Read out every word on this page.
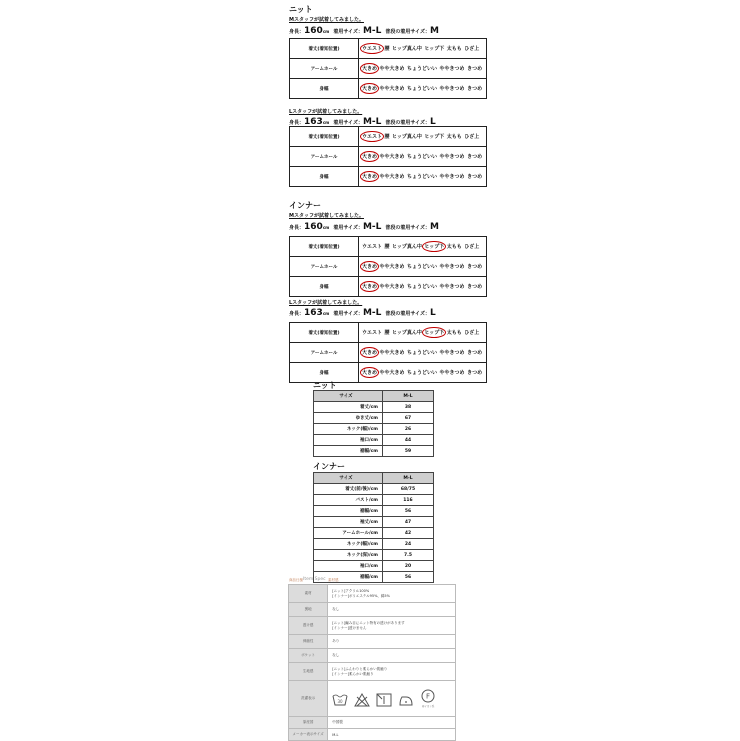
ニット
Mスタッフが試着してみました。
身長：160cm 着用サイズ：M-L 普段の着用サイズ：M
着丈(着知位置)	ウエスト 腰 ヒップ真ん中 ヒップ下 太もも ひざ上
アームホール	大きめ やや大きめ ちょうどいい ややきつめ きつめ
身幅	大きめ やや大きめ ちょうどいい ややきつめ きつめ
Lスタッフが試着してみました。
身長：163cm 着用サイズ：M-L 普段の着用サイズ：L
着丈(着知位置)	ウエスト 腰 ヒップ真ん中 ヒップ下 太もも ひざ上
アームホール	大きめ やや大きめ ちょうどいい ややきつめ きつめ
身幅	大きめ やや大きめ ちょうどいい ややきつめ きつめ
インナー
Mスタッフが試着してみました。
身長：160cm 着用サイズ：M-L 普段の着用サイズ：M
着丈(着知位置)	ウエスト 腰 ヒップ真ん中 ヒップ下 太もも ひざ上
アームホール	大きめ やや大きめ ちょうどいい ややきつめ きつめ
身幅	大きめ やや大きめ ちょうどいい ややきつめ きつめ
Lスタッフが試着してみました。
身長：163cm 着用サイズ：M-L 普段の着用サイズ：L
着丈(着知位置)	ウエスト 腰 ヒップ真ん中 ヒップ下 太もも ひざ上
アームホール	大きめ やや大きめ ちょうどいい ややきつめ きつめ
身幅	大きめ やや大きめ ちょうどいい ややきつめ きつめ
ニット
サイズ	M-L
着丈/cm	38
ゆき丈/cm	67
ネック(幅)/cm	26
袖口/cm	44
裾幅/cm	59
インナー
サイズ	M-L
着丈(前/後)/cm	68/75
バスト/cm	116
裾幅/cm	56
袖丈/cm	47
アームホール/cm	42
ネック(幅)/cm	24
ネック(深)/cm	7.5
袖口/cm	20
裾幅/cm	56
商品仕様 Item Spec 素材感
素材	[ニット]アクリル100%
[インナー]ポリエステル95%、綿5%
裏地	なし
透け感	[ニット]編み目にニット特有の透けがあります
[インナー]透けません
伸縮性	あり
ポケット	なし
生地感	[ニット]ふんわりと柔らかい肌触り
[インナー]柔らかい肌触り
洗濯表示	30
F
非イオン系

原産国	中国製
メーカー表示サイズ	M-L
